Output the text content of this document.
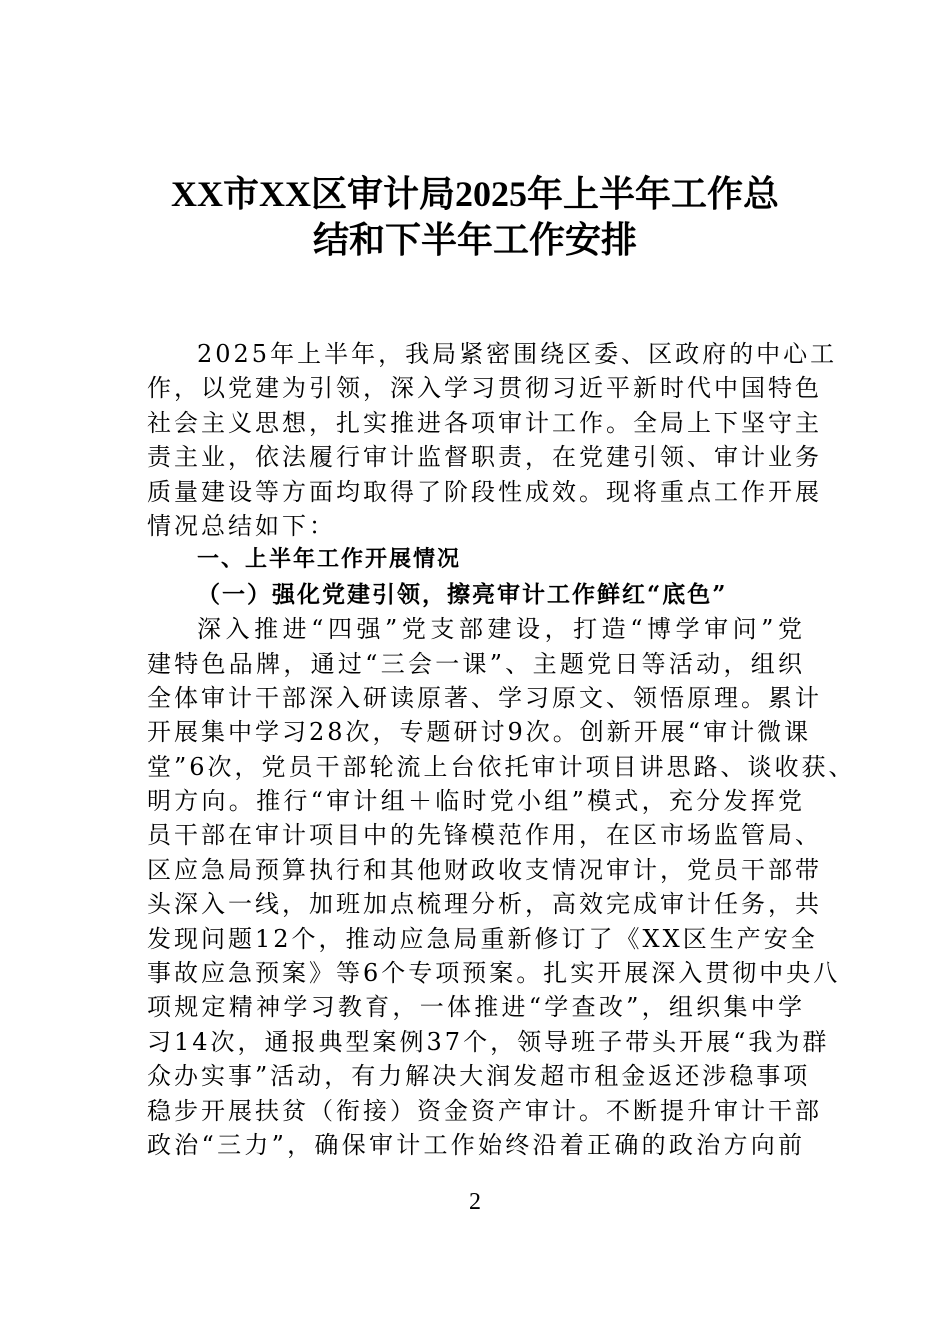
XX市XX区审计局2025年上半年工作总
结和下半年工作安排
2025年上半年，我局紧密围绕区委、区政府的中心工
作，以党建为引领，深入学习贯彻习近平新时代中国特色
社会主义思想，扎实推进各项审计工作。全局上下坚守主
责主业，依法履行审计监督职责，在党建引领、审计业务
质量建设等方面均取得了阶段性成效。现将重点工作开展
情况总结如下：
一、上半年工作开展情况
（一）强化党建引领，擦亮审计工作鲜红“底色”
深入推进“四强”党支部建设，打造“博学审问”党
建特色品牌，通过“三会一课”、主题党日等活动，组织
全体审计干部深入研读原著、学习原文、领悟原理。累计
开展集中学习28次，专题研讨9次。创新开展“审计微课
堂”6次，党员干部轮流上台依托审计项目讲思路、谈收获、
明方向。推行“审计组＋临时党小组”模式，充分发挥党
员干部在审计项目中的先锋模范作用，在区市场监管局、
区应急局预算执行和其他财政收支情况审计，党员干部带
头深入一线，加班加点梳理分析，高效完成审计任务，共
发现问题12个，推动应急局重新修订了《XX区生产安全
事故应急预案》等6个专项预案。扎实开展深入贯彻中央八
项规定精神学习教育，一体推进“学查改”，组织集中学
习14次，通报典型案例37个，领导班子带头开展“我为群
众办实事”活动，有力解决大润发超市租金返还涉稳事项
稳步开展扶贫（衔接）资金资产审计。不断提升审计干部
政治“三力”，确保审计工作始终沿着正确的政治方向前
2
